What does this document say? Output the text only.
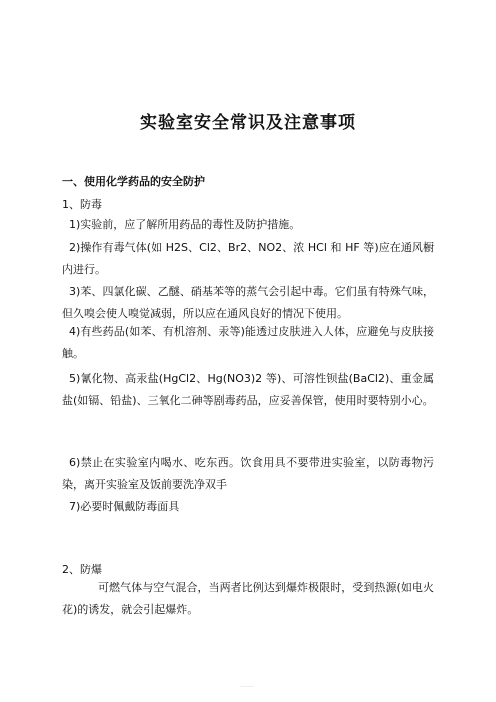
实验室安全常识及注意事项
一、使用化学药品的安全防护
1、防毒
1)实验前，应了解所用药品的毒性及防护措施。
2)操作有毒气体(如 H2S、Cl2、Br2、NO2、浓 HCl 和 HF 等)应在通风橱内进行。
3)苯、四氯化碳、乙醚、硝基苯等的蒸气会引起中毒。它们虽有特殊气味，但久嗅会使人嗅觉减弱，所以应在通风良好的情况下使用。
4)有些药品(如苯、有机溶剂、汞等)能透过皮肤进入人体，应避免与皮肤接触。
5)氰化物、高汞盐(HgCl2、Hg(NO3)2 等)、可溶性钡盐(BaCl2)、重金属盐(如镉、铅盐)、三氧化二砷等剧毒药品，应妥善保管，使用时要特别小心。
6)禁止在实验室内喝水、吃东西。饮食用具不要带进实验室，以防毒物污染，离开实验室及饭前要洗净双手
7)必要时佩戴防毒面具
2、防爆
可燃气体与空气混合，当两者比例达到爆炸极限时，受到热源(如电火花)的诱发，就会引起爆炸。
